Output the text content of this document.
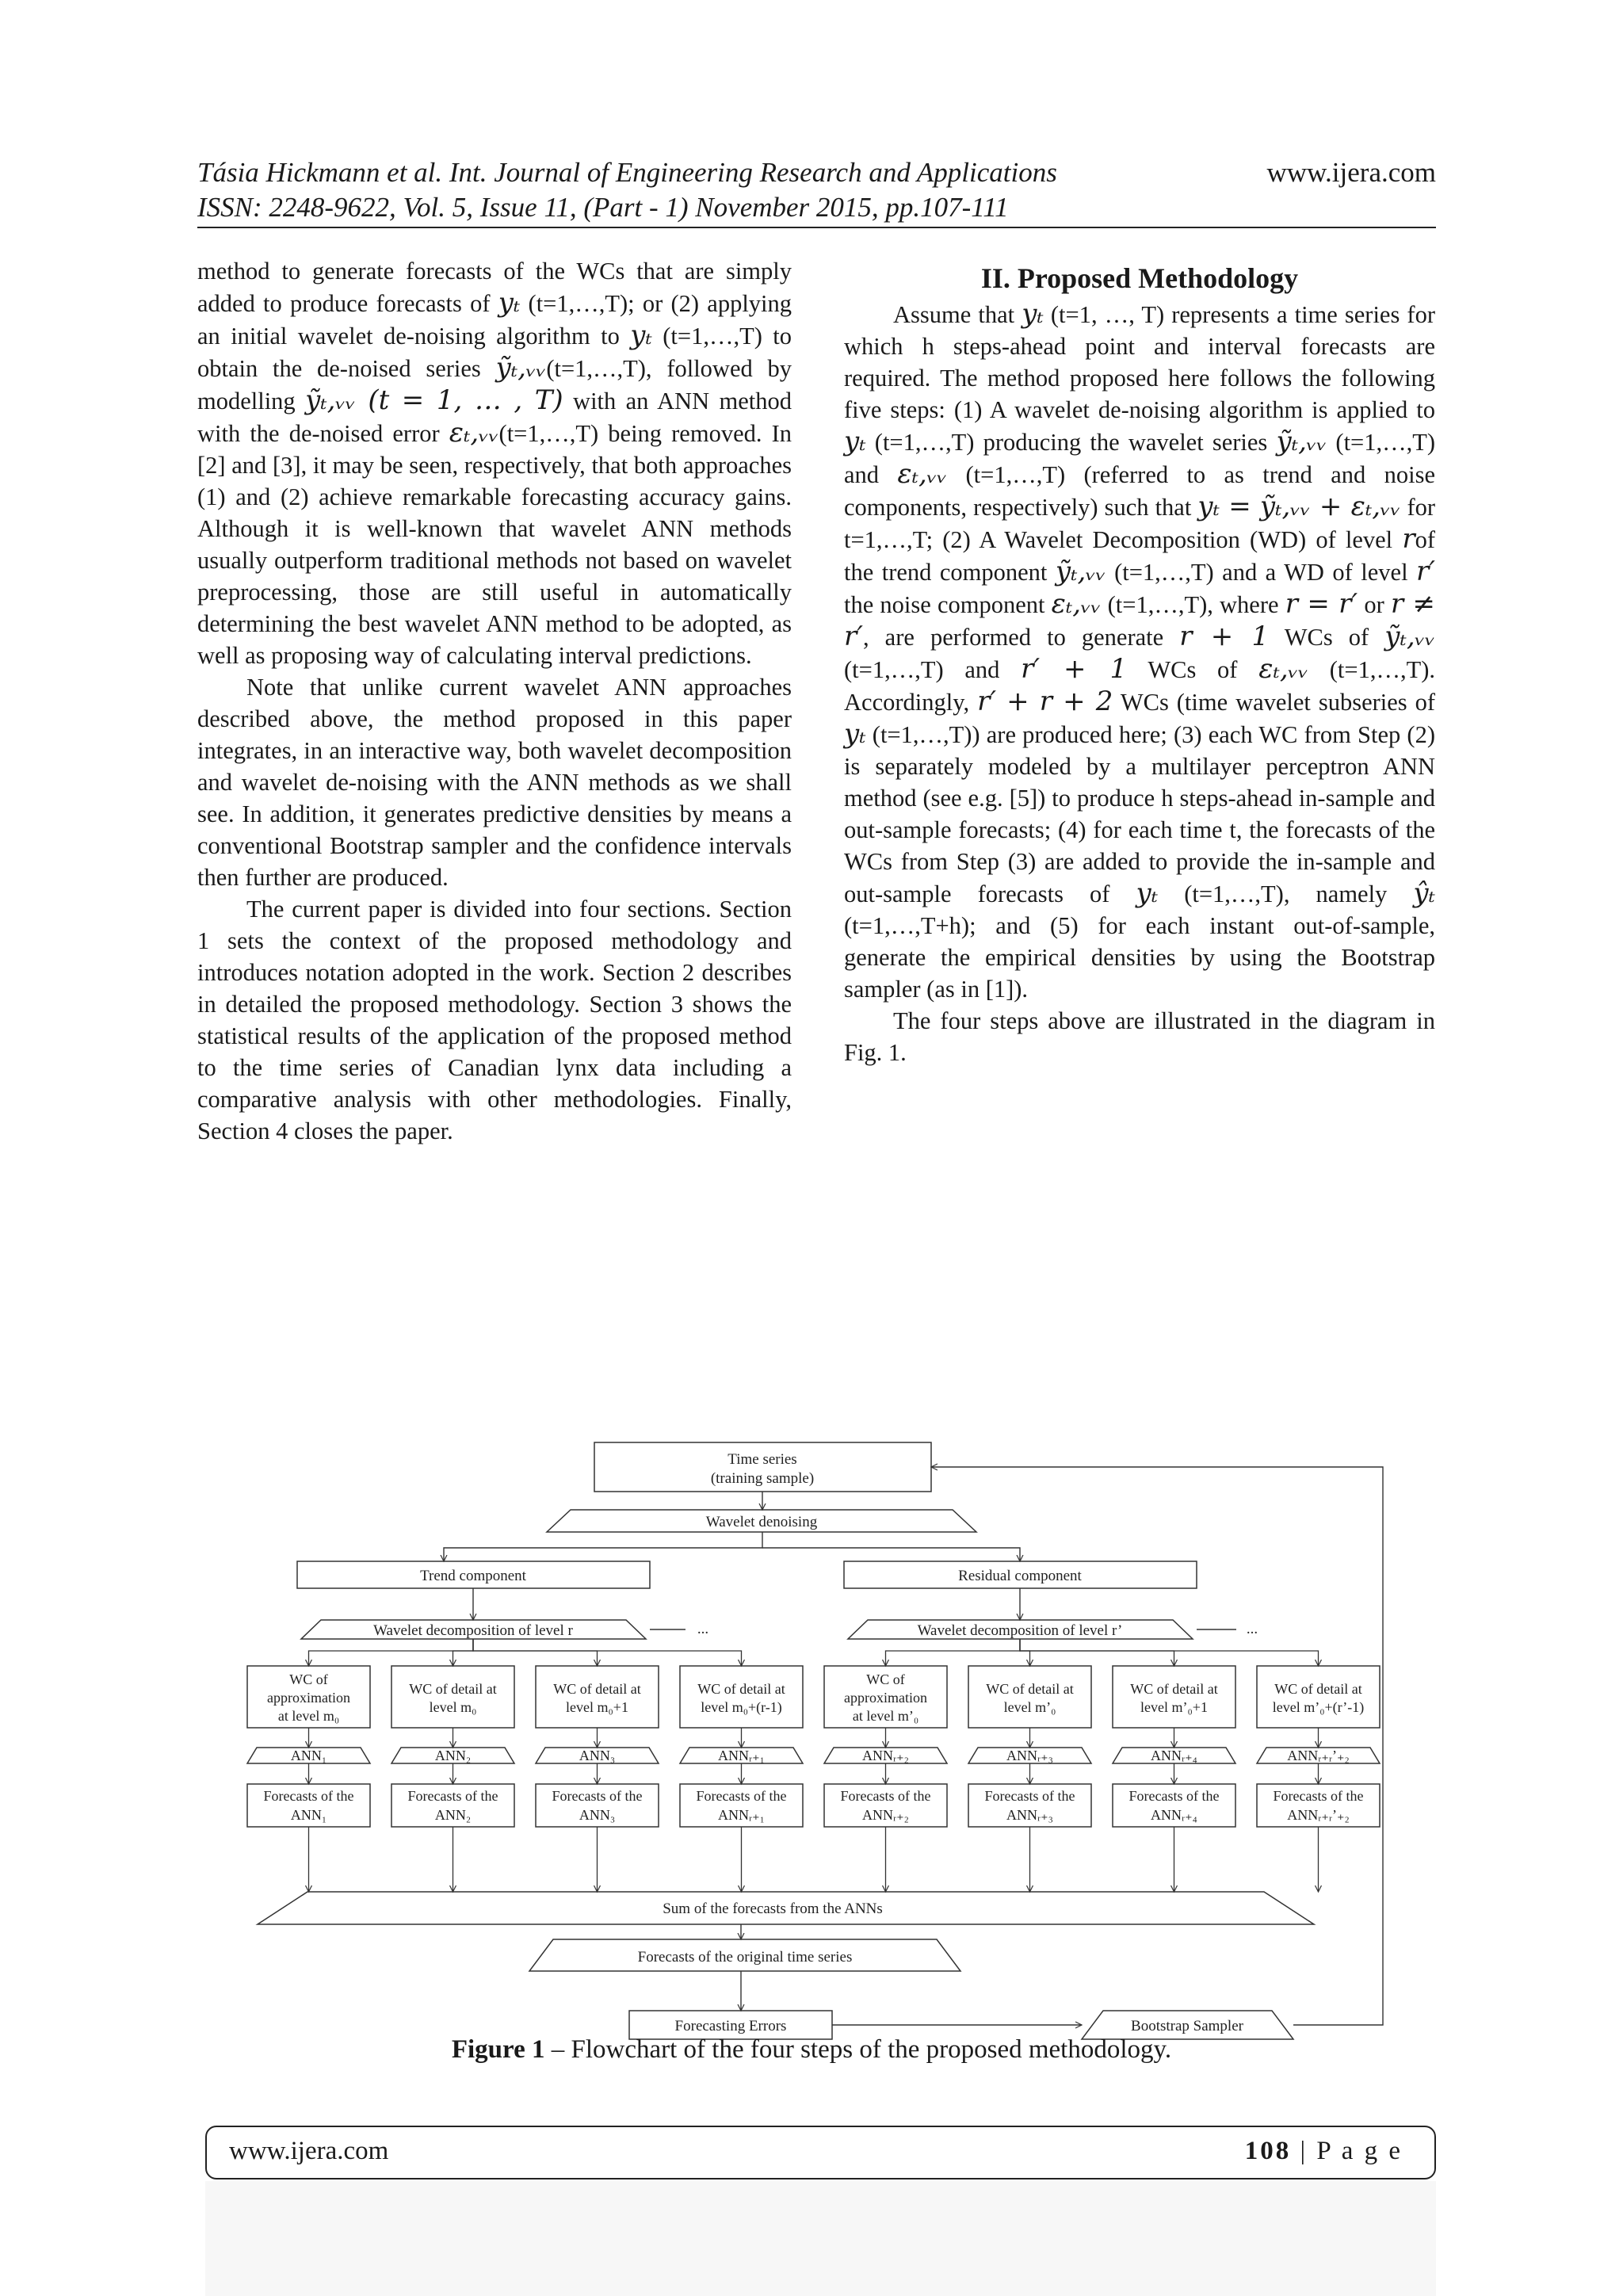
Tásia Hickmann et al. Int. Journal of Engineering Research and Applications
ISSN: 2248-9622, Vol. 5, Issue 11, (Part - 1) November 2015, pp.107-111
www.ijera.com

method to generate forecasts of the WCs that are simply added to produce forecasts of yₜ (t=1,…,T); or (2) applying an initial wavelet de-noising algorithm to yₜ (t=1,…,T) to obtain the de-noised series ỹₜ,ᵥᵥ(t=1,…,T), followed by modelling ỹₜ,ᵥᵥ (t = 1, … , T) with an ANN method with the de-noised error εₜ,ᵥᵥ(t=1,…,T) being removed. In [2] and [3], it may be seen, respectively, that both approaches (1) and (2) achieve remarkable forecasting accuracy gains. Although it is well-known that wavelet ANN methods usually outperform traditional methods not based on wavelet preprocessing, those are still useful in automatically determining the best wavelet ANN method to be adopted, as well as proposing way of calculating interval predictions.

Note that unlike current wavelet ANN approaches described above, the method proposed in this paper integrates, in an interactive way, both wavelet decomposition and wavelet de-noising with the ANN methods as we shall see. In addition, it generates predictive densities by means a conventional Bootstrap sampler and the confidence intervals then further are produced.

The current paper is divided into four sections. Section 1 sets the context of the proposed methodology and introduces notation adopted in the work. Section 2 describes in detailed the proposed methodology. Section 3 shows the statistical results of the application of the proposed method to the time series of Canadian lynx data including a comparative analysis with other methodologies. Finally, Section 4 closes the paper.

II. Proposed Methodology

Assume that yₜ (t=1, …, T) represents a time series for which h steps-ahead point and interval forecasts are required. The method proposed here follows the following five steps: (1) A wavelet de-noising algorithm is applied to yₜ (t=1,…,T) producing the wavelet series ỹₜ,ᵥᵥ (t=1,…,T) and εₜ,ᵥᵥ (t=1,…,T) (referred to as trend and noise components, respectively) such that yₜ = ỹₜ,ᵥᵥ + εₜ,ᵥᵥ for t=1,…,T; (2) A Wavelet Decomposition (WD) of level rof the trend component ỹₜ,ᵥᵥ (t=1,…,T) and a WD of level r′ the noise component εₜ,ᵥᵥ (t=1,…,T), where r = r′ or r ≠ r′, are performed to generate r + 1 WCs of ỹₜ,ᵥᵥ (t=1,…,T) and r′ + 1 WCs of εₜ,ᵥᵥ (t=1,…,T). Accordingly, r′ + r + 2 WCs (time wavelet subseries of yₜ (t=1,…,T)) are produced here; (3) each WC from Step (2) is separately modeled by a multilayer perceptron ANN method (see e.g. [5]) to produce h steps-ahead in-sample and out-sample forecasts; (4) for each time t, the forecasts of the WCs from Step (3) are added to provide the in-sample and out-sample forecasts of yₜ (t=1,…,T), namely ŷₜ (t=1,…,T+h); and (5) for each instant out-of-sample, generate the empirical densities by using the Bootstrap sampler (as in [1]).

The four steps above are illustrated in the diagram in Fig. 1.

Time series
(training sample)
Wavelet denoising
Trend component	Residual component
Wavelet decomposition of level r	Wavelet decomposition of level r’
...	...
WC of
approximation
at level m₀
ANN₁
Forecasts of the
ANN₁
WC of detail at
level m₀
ANN₂
Forecasts of the
ANN₂
WC of detail at
level m₀+1
ANN₃
Forecasts of the
ANN₃
WC of detail at
level m₀+(r-1)
ANNᵣ₊₁
Forecasts of the
ANNᵣ₊₁
WC of
approximation
at level m’₀
ANNᵣ₊₂
Forecasts of the
ANNᵣ₊₂
WC of detail at
level m’₀
ANNᵣ₊₃
Forecasts of the
ANNᵣ₊₃
WC of detail at
level m’₀+1
ANNᵣ₊₄
Forecasts of the
ANNᵣ₊₄
WC of detail at
level m’₀+(r’-1)
ANNᵣ₊ᵣ’₊₂
Forecasts of the
ANNᵣ₊ᵣ’₊₂
Sum of the forecasts from the ANNs
Forecasts of the original time series
Forecasting Errors	Bootstrap Sampler
Figure 1 – Flowchart of the four steps of the proposed methodology.
www.ijera.com	108 | P a g e
